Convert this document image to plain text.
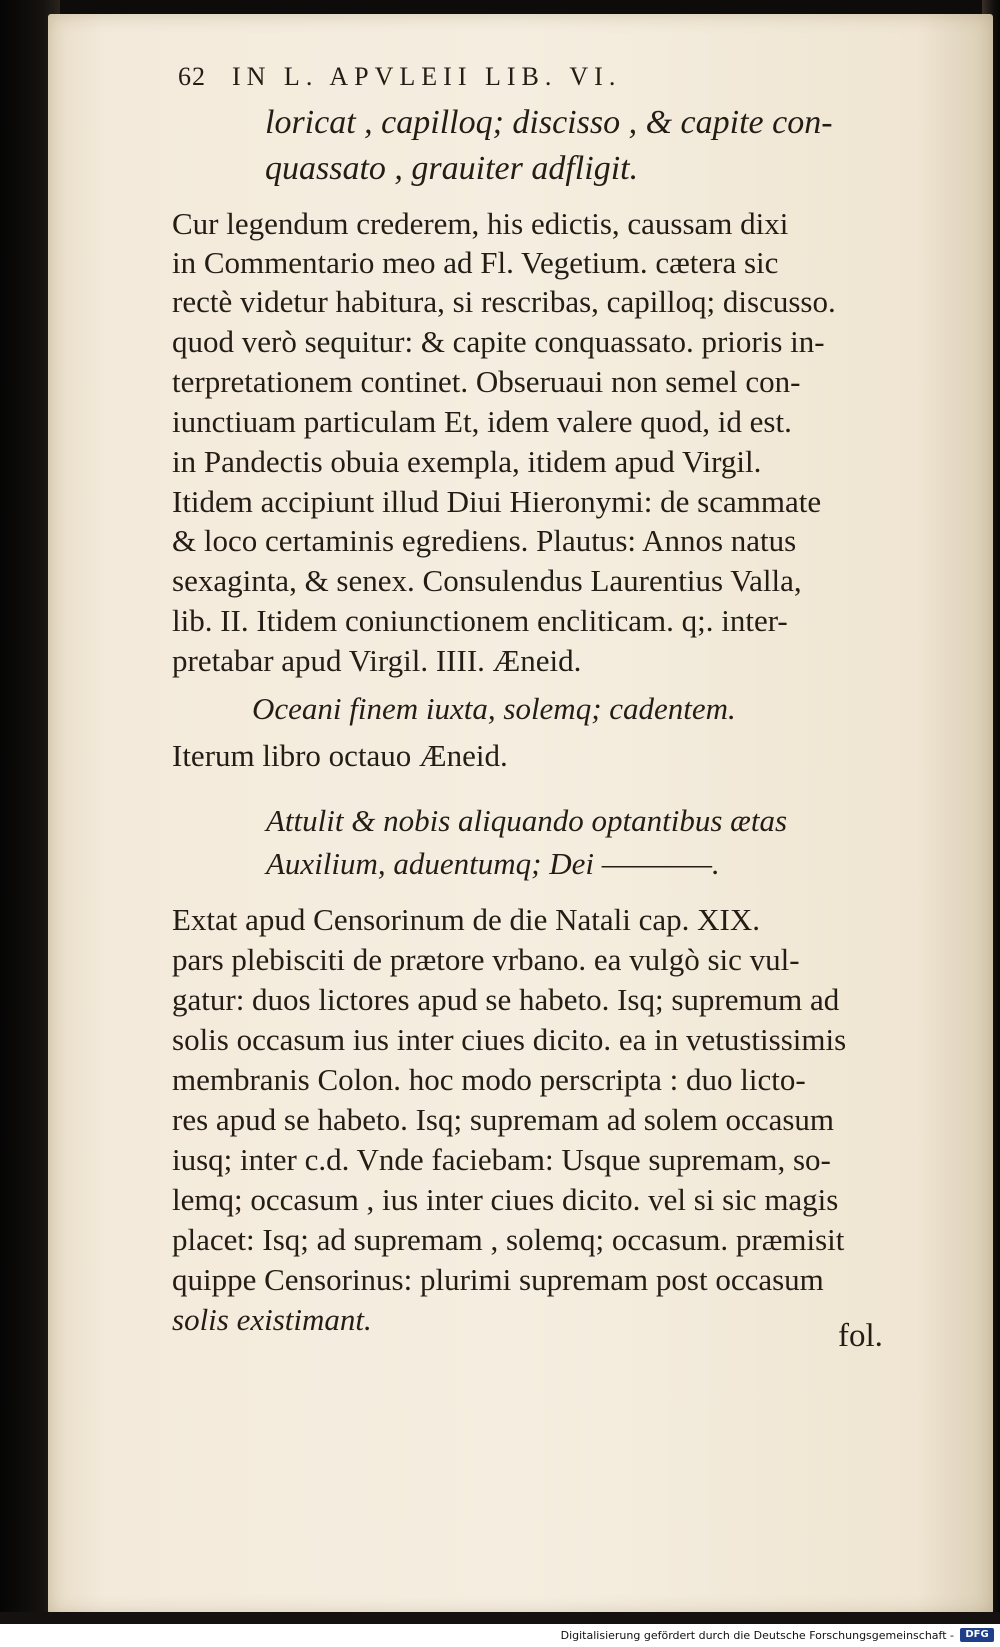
62 IN L. APVLEII LIB. VI.
loricat , capilloq; discisso , & capite con-
quassato , grauiter adfligit.
Cur legendum crederem, his edictis, caussam dixi
in Commentario meo ad Fl. Vegetium. cætera sic
rectè videtur habitura, si rescribas, capilloq; discusso.
quod verò sequitur: & capite conquassato. prioris in-
terpretationem continet. Obseruaui non semel con-
iunctiuam particulam Et, idem valere quod, id est.
in Pandectis obuia exempla, itidem apud Virgil.
Itidem accipiunt illud Diui Hieronymi: de scammate
& loco certaminis egrediens. Plautus: Annos natus
sexaginta, & senex. Consulendus Laurentius Valla,
lib. II. Itidem coniunctionem encliticam. q;. inter-
pretabar apud Virgil. IIII. Æneid.
Oceani finem iuxta, solemq; cadentem.
Iterum libro octauo Æneid.
Attulit & nobis aliquando optantibus ætas
Auxilium, aduentumq; Dei ————.
Extat apud Censorinum de die Natali cap. XIX.
pars plebisciti de prætore vrbano. ea vulgò sic vul-
gatur: duos lictores apud se habeto. Isq; supremum ad
solis occasum ius inter ciues dicito. ea in vetustissimis
membranis Colon. hoc modo perscripta : duo licto-
res apud se habeto. Isq; supremam ad solem occasum
iusq; inter c.d. Vnde faciebam: Usque supremam, so-
lemq; occasum , ius inter ciues dicito. vel si sic magis
placet: Isq; ad supremam , solemq; occasum. præmisit
quippe Censorinus: plurimi supremam post occasum
solis existimant.	fol.
Digitalisierung gefördert durch die Deutsche Forschungsgemeinschaft -	DFG
